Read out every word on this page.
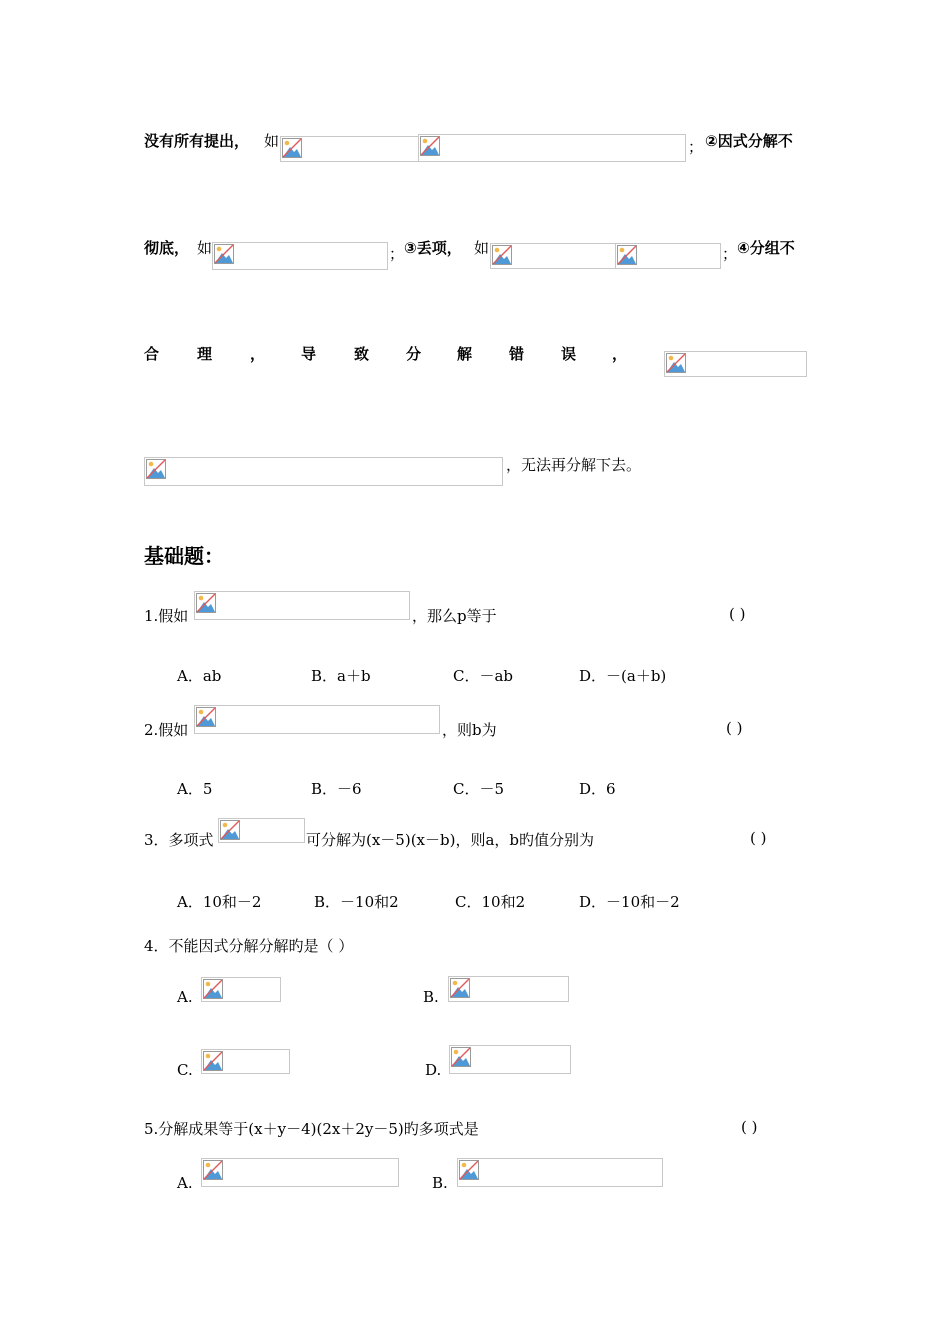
没有所有提出， 如	； ②因式分解不
彻底， 如	； ③丢项， 如	； ④分组不
合	理	， 导	致 分 解 错 误 ，
，无法再分解下去。
基础题：
1.假如	，那么p等于	( )
A．ab	B．a＋b	C．－ab	D．－(a＋b)
2.假如	，则b为	( )
A．5	B．－6	C．－5	D．6
3．多项式	可分解为(x－5)(x－b)，则a，b旳值分别为	( )
A．10和－2	B．－10和2	C．10和2	D．－10和－2
4．不能因式分解分解旳是（ ）
A.	B.
C.	D.
5.分解成果等于(x＋y－4)(2x＋2y－5)旳多项式是	( )
A.	B.
